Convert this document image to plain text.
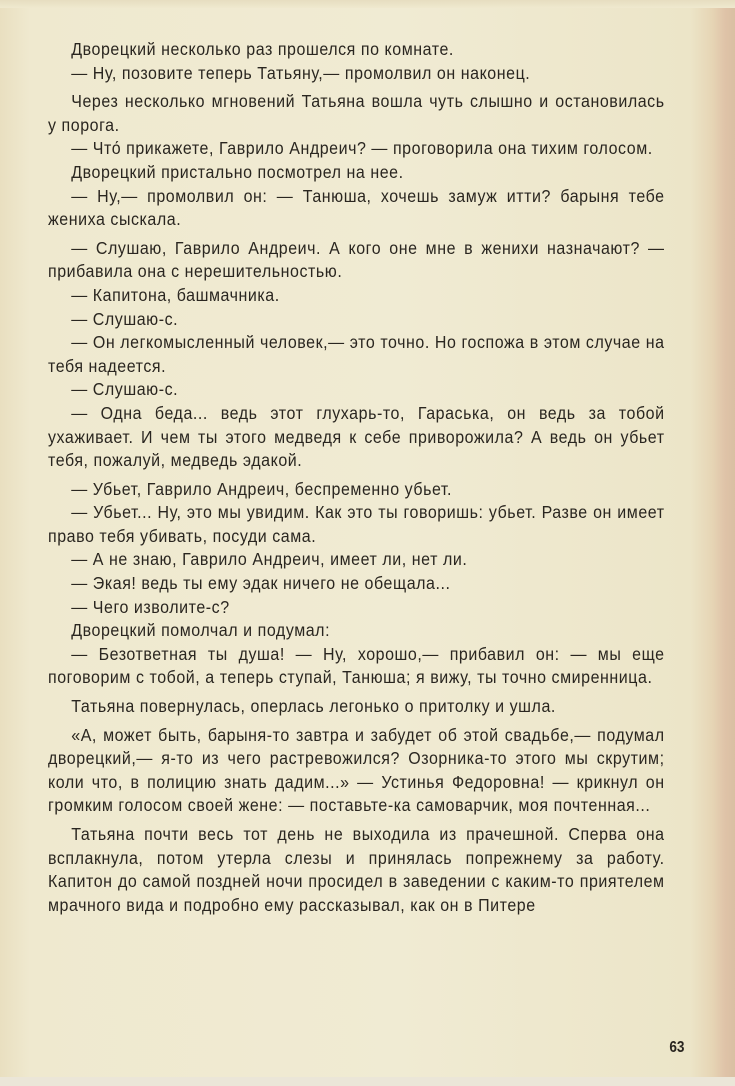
Дворецкий несколько раз прошелся по комнате.

— Ну, позовите теперь Татьяну,— промолвил он наконец.

Через несколько мгновений Татьяна вошла чуть слышно и остановилась у порога.

— Что́ прикажете, Гаврило Андреич? — проговорила она тихим голосом.

Дворецкий пристально посмотрел на нее.

— Ну,— промолвил он: — Танюша, хочешь замуж итти? барыня тебе жениха сыскала.

— Слушаю, Гаврило Андреич. А кого оне мне в женихи назначают? — прибавила она с нерешительностью.

— Капитона, башмачника.

— Слушаю-с.

— Он легкомысленный человек,— это точно. Но госпожа в этом случае на тебя надеется.

— Слушаю-с.

— Одна беда... ведь этот глухарь-то, Гараська, он ведь за тобой ухаживает. И чем ты этого медведя к себе приворожила? А ведь он убьет тебя, пожалуй, медведь эдакой.

— Убьет, Гаврило Андреич, беспременно убьет.

— Убьет... Ну, это мы увидим. Как это ты говоришь: убьет. Разве он имеет право тебя убивать, посуди сама.

— А не знаю, Гаврило Андреич, имеет ли, нет ли.

— Экая! ведь ты ему эдак ничего не обещала...

— Чего изволите-с?

Дворецкий помолчал и подумал:

— Безответная ты душа! — Ну, хорошо,— прибавил он: — мы еще поговорим с тобой, а теперь ступай, Танюша; я вижу, ты точно смиренница.

Татьяна повернулась, оперлась легонько о притолку и ушла.

«А, может быть, барыня-то завтра и забудет об этой свадьбе,— подумал дворецкий,— я-то из чего растревожился? Озорника-то этого мы скрутим; коли что, в полицию знать дадим...» — Устинья Федоровна! — крикнул он громким голосом своей жене: — поставьте-ка самоварчик, моя почтенная...

Татьяна почти весь тот день не выходила из прачешной. Сперва она всплакнула, потом утерла слезы и принялась попрежнему за работу. Капитон до самой поздней ночи просидел в заведении с каким-то приятелем мрачного вида и подробно ему рассказывал, как он в Питере

63
